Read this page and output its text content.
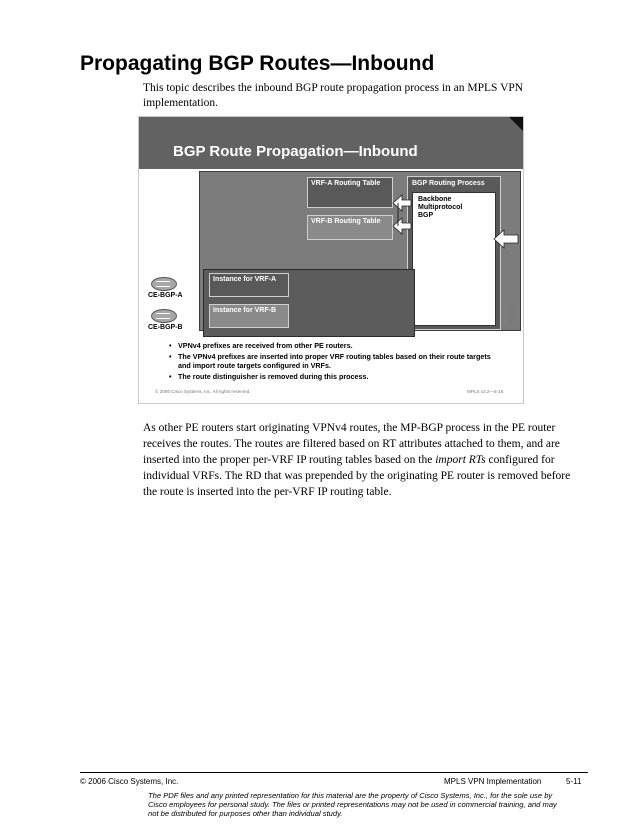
Propagating BGP Routes—Inbound
This topic describes the inbound BGP route propagation process in an MPLS VPN implementation.
BGP Route Propagation—Inbound
VRF-A Routing Table
VRF-B Routing Table
BGP Routing Process
Backbone Multiprotocol BGP
Instance for VRF-A
Instance for VRF-B
CE-BGP-A
CE-BGP-B
• VPNv4 prefixes are received from other PE routers.
• The VPNv4 prefixes are inserted into proper VRF routing tables based on their route targets and import route targets configured in VRFs.
• The route distinguisher is removed during this process.
MPLS-5-16
© 2006 Cisco Systems, Inc. All rights reserved.	MPLS v2.2—5-16
As other PE routers start originating VPNv4 routes, the MP-BGP process in the PE router receives the routes. The routes are filtered based on RT attributes attached to them, and are inserted into the proper per-VRF IP routing tables based on the import RTs configured for individual VRFs. The RD that was prepended by the originating PE router is removed before the route is inserted into the per-VRF IP routing table.
© 2006 Cisco Systems, Inc.	MPLS VPN Implementation	5-11
The PDF files and any printed representation for this material are the property of Cisco Systems, Inc., for the sole use by Cisco employees for personal study. The files or printed representations may not be used in commercial training, and may not be distributed for purposes other than individual study.
